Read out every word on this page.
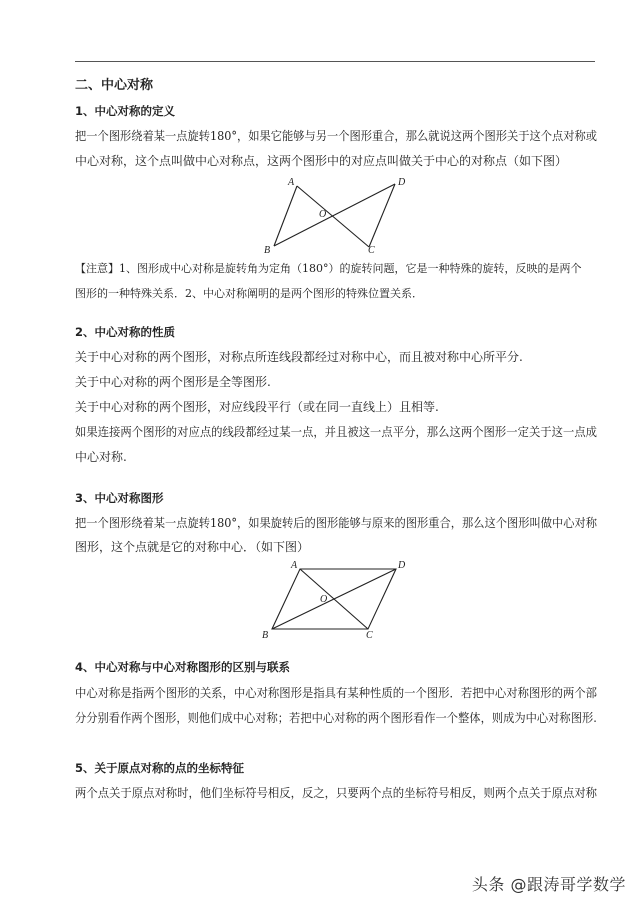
二、中心对称
1、中心对称的定义
把一个图形绕着某一点旋转180°，如果它能够与另一个图形重合，那么就说这两个图形关于这个点对称或
中心对称，这个点叫做中心对称点，这两个图形中的对应点叫做关于中心的对称点（如下图）
A	D
O
B	C
【注意】1、图形成中心对称是旋转角为定角（180°）的旋转问题，它是一种特殊的旋转，反映的是两个
图形的一种特殊关系．2、中心对称阐明的是两个图形的特殊位置关系．
2、中心对称的性质
关于中心对称的两个图形，对称点所连线段都经过对称中心，而且被对称中心所平分.
关于中心对称的两个图形是全等图形.
关于中心对称的两个图形，对应线段平行（或在同一直线上）且相等.
如果连接两个图形的对应点的线段都经过某一点，并且被这一点平分，那么这两个图形一定关于这一点成
中心对称.
3、中心对称图形
把一个图形绕着某一点旋转180°，如果旋转后的图形能够与原来的图形重合，那么这个图形叫做中心对称
图形，这个点就是它的对称中心．（如下图）
A	D
O
B	C
4、中心对称与中心对称图形的区别与联系
中心对称是指两个图形的关系，中心对称图形是指具有某种性质的一个图形．若把中心对称图形的两个部
分分别看作两个图形，则他们成中心对称；若把中心对称的两个图形看作一个整体，则成为中心对称图形.
5、关于原点对称的点的坐标特征
两个点关于原点对称时，他们坐标符号相反，反之，只要两个点的坐标符号相反，则两个点关于原点对称
头条 @跟涛哥学数学
